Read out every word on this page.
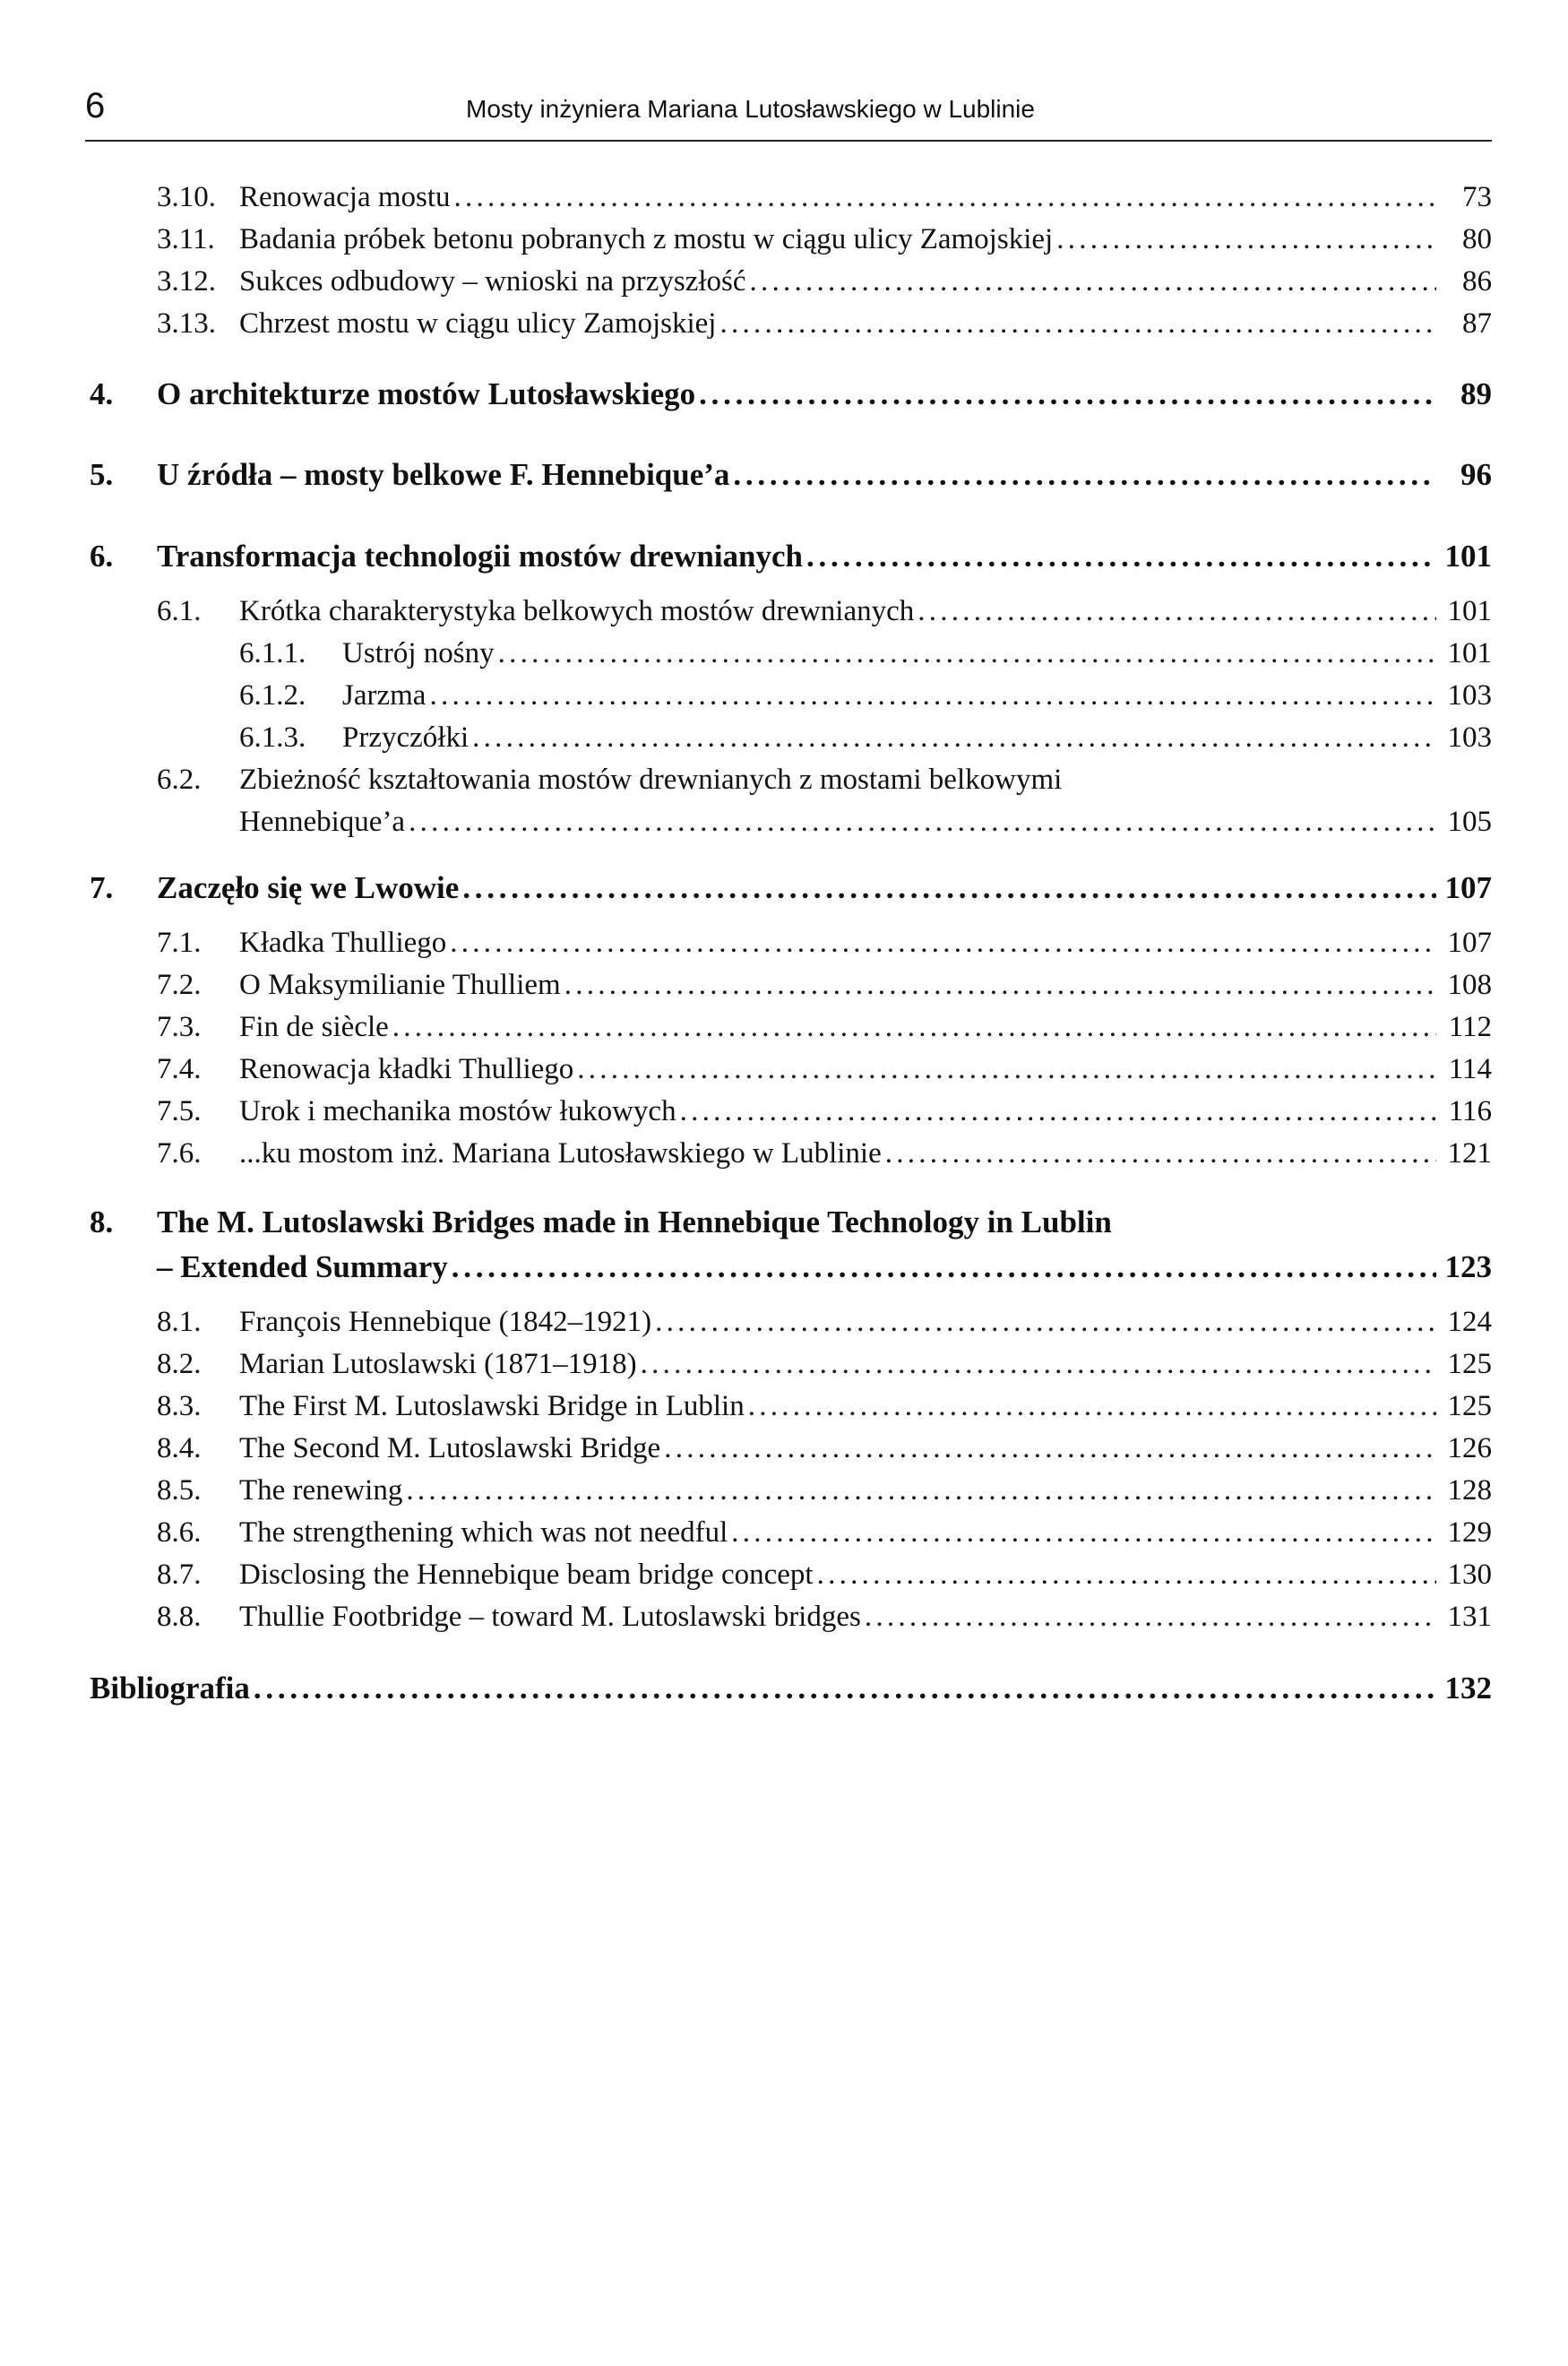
6	Mosty inżyniera Mariana Lutosławskiego w Lublinie
3.10. Renowacja mostu . . .	73
3.11. Badania próbek betonu pobranych z mostu w ciągu ulicy Zamojskiej . . .	80
3.12. Sukces odbudowy – wnioski na przyszłość . . .	86
3.13. Chrzest mostu w ciągu ulicy Zamojskiej . . .	87
4.	O architekturze mostów Lutosławskiego . . .	89
5.	U źródła – mosty belkowe F. Hennebique’a . . .	96
6.	Transformacja technologii mostów drewnianych . . .	101
6.1.	Krótka charakterystyka belkowych mostów drewnianych . . .	101
6.1.1.	Ustrój nośny . . .	101
6.1.2.	Jarzma . . .	103
6.1.3.	Przyczółki . . .	103
6.2. Zbieżność kształtowania mostów drewnianych z mostami belkowymi
Hennebique’a . . .	105
7.	Zaczęło się we Lwowie . . .	107
7.1.	Kładka Thulliego . . .	107
7.2.	O Maksymilianie Thulliem . . .	108
7.3.	Fin de siècle . . .	112
7.4.	Renowacja kładki Thulliego . . .	114
7.5.	Urok i mechanika mostów łukowych . . .	116
7.6.	...ku mostom inż. Mariana Lutosławskiego w Lublinie . . .	121
8. The M. Lutoslawski Bridges made in Hennebique Technology in Lublin
– Extended Summary . . .	123
8.1.	François Hennebique (1842–1921) . . .	124
8.2.	Marian Lutoslawski (1871–1918) . . .	125
8.3.	The First M. Lutoslawski Bridge in Lublin . . .	125
8.4.	The Second M. Lutoslawski Bridge . . .	126
8.5.	The renewing . . .	128
8.6.	The strengthening which was not needful . . .	129
8.7.	Disclosing the Hennebique beam bridge concept . . .	130
8.8.	Thullie Footbridge – toward M. Lutoslawski bridges . . .	131
Bibliografia . . .	132
